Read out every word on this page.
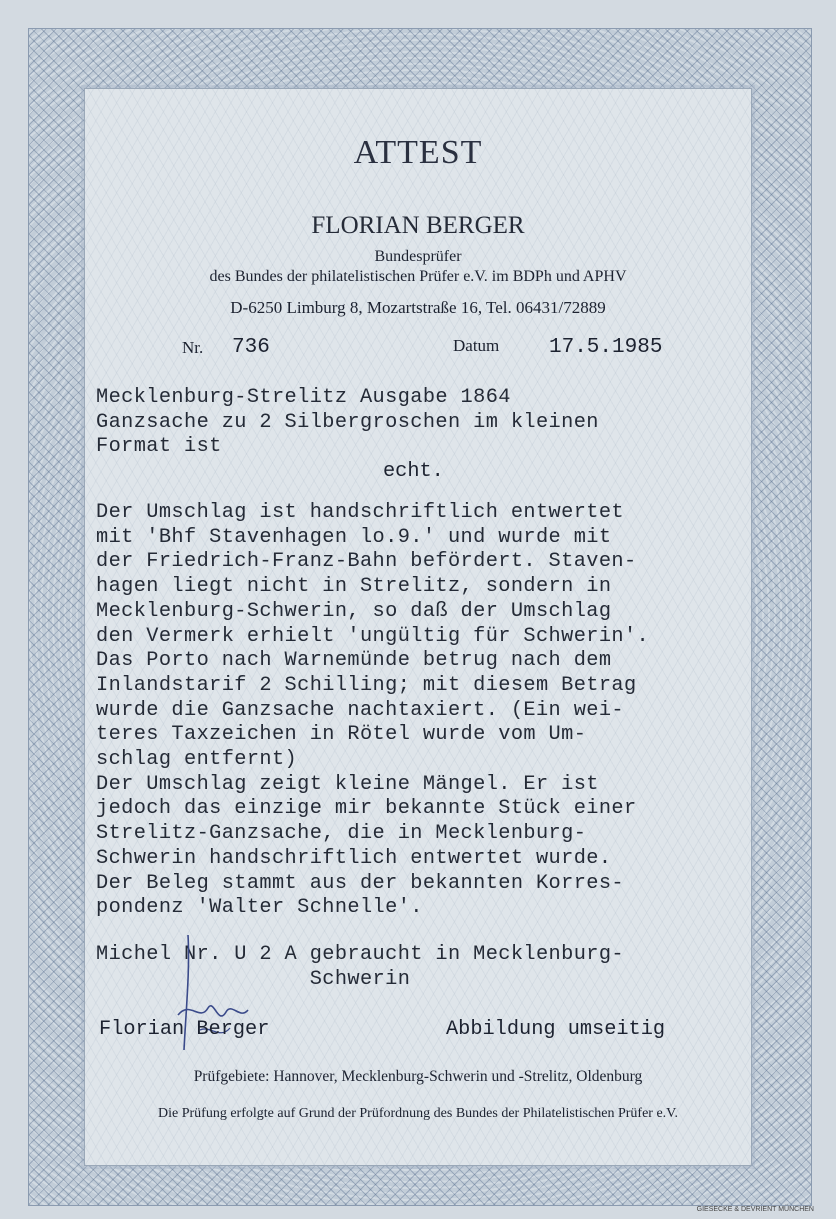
ATTEST
FLORIAN BERGER
Bundesprüfer
des Bundes der philatelistischen Prüfer e.V. im BDPh und APHV
D-6250 Limburg 8, Mozartstraße 16, Tel. 06431/72889
Nr. 736	Datum 17.5.1985
Mecklenburg-Strelitz Ausgabe 1864
Ganzsache zu 2 Silbergroschen im kleinen
Format ist
echt.
Der Umschlag ist handschriftlich entwertet
mit 'Bhf Stavenhagen lo.9.' und wurde mit
der Friedrich-Franz-Bahn befördert. Staven-
hagen liegt nicht in Strelitz, sondern in
Mecklenburg-Schwerin, so daß der Umschlag
den Vermerk erhielt 'ungültig für Schwerin'.
Das Porto nach Warnemünde betrug nach dem
Inlandstarif 2 Schilling; mit diesem Betrag
wurde die Ganzsache nachtaxiert. (Ein wei-
teres Taxzeichen in Rötel wurde vom Um-
schlag entfernt)
Der Umschlag zeigt kleine Mängel. Er ist
jedoch das einzige mir bekannte Stück einer
Strelitz-Ganzsache, die in Mecklenburg-
Schwerin handschriftlich entwertet wurde.
Der Beleg stammt aus der bekannten Korres-
pondenz 'Walter Schnelle'.
Michel Nr. U 2 A gebraucht in Mecklenburg-
Schwerin
Florian Berger	Abbildung umseitig
Prüfgebiete: Hannover, Mecklenburg-Schwerin und -Strelitz, Oldenburg
Die Prüfung erfolgte auf Grund der Prüfordnung des Bundes der Philatelistischen Prüfer e.V.
GIESECKE & DEVRIENT MÜNCHEN
